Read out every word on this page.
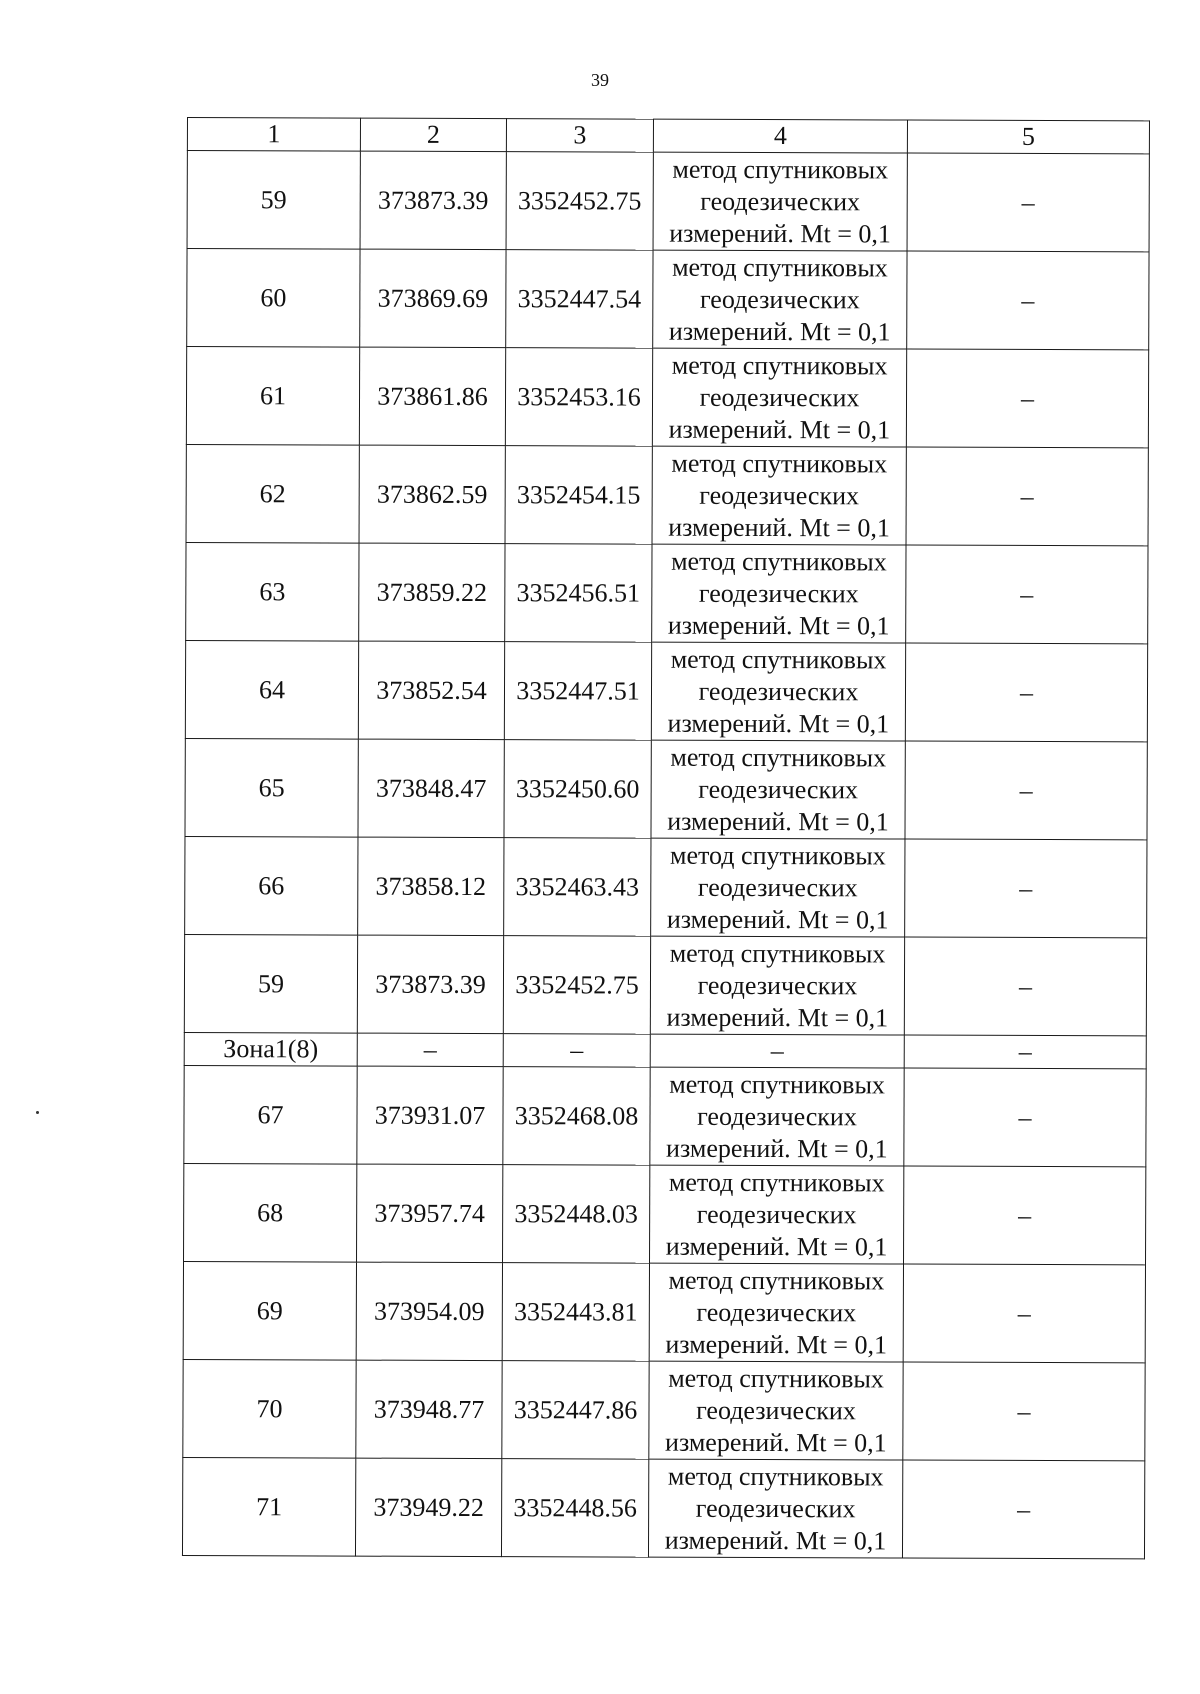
39
1	2	3	4	5
59	373873.39	3352452.75	метод спутниковых
геодезических
измерений. Mt = 0,1	–
60	373869.69	3352447.54	метод спутниковых
геодезических
измерений. Mt = 0,1	–
61	373861.86	3352453.16	метод спутниковых
геодезических
измерений. Mt = 0,1	–
62	373862.59	3352454.15	метод спутниковых
геодезических
измерений. Mt = 0,1	–
63	373859.22	3352456.51	метод спутниковых
геодезических
измерений. Mt = 0,1	–
64	373852.54	3352447.51	метод спутниковых
геодезических
измерений. Mt = 0,1	–
65	373848.47	3352450.60	метод спутниковых
геодезических
измерений. Mt = 0,1	–
66	373858.12	3352463.43	метод спутниковых
геодезических
измерений. Mt = 0,1	–
59	373873.39	3352452.75	метод спутниковых
геодезических
измерений. Mt = 0,1	–
Зона1(8)	–	–	–	–
67	373931.07	3352468.08	метод спутниковых
геодезических
измерений. Mt = 0,1	–
68	373957.74	3352448.03	метод спутниковых
геодезических
измерений. Mt = 0,1	–
69	373954.09	3352443.81	метод спутниковых
геодезических
измерений. Mt = 0,1	–
70	373948.77	3352447.86	метод спутниковых
геодезических
измерений. Mt = 0,1	–
71	373949.22	3352448.56	метод спутниковых
геодезических
измерений. Mt = 0,1	–
